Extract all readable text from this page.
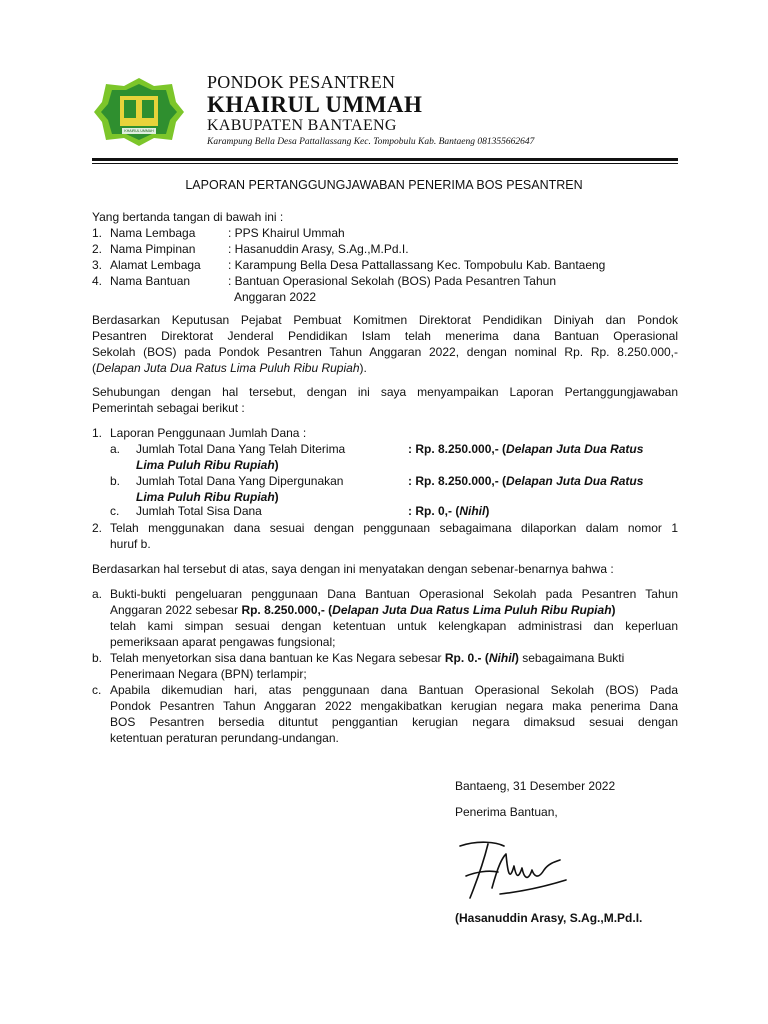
KHAIRUL UMMAH
PONDOK PESANTREN
KHAIRUL UMMAH
KABUPATEN BANTAENG
Karampung Bella Desa Pattallassang Kec. Tompobulu Kab. Bantaeng 081355662647
LAPORAN PERTANGGUNGJAWABAN PENERIMA BOS PESANTREN
Yang bertanda tangan di bawah ini :
1. Nama Lembaga	: PPS Khairul Ummah
2. Nama Pimpinan	: Hasanuddin Arasy, S.Ag.,M.Pd.I.
3. Alamat Lembaga : Karampung Bella Desa Pattallassang Kec. Tompobulu Kab. Bantaeng
4. Nama Bantuan	: Bantuan Operasional Sekolah (BOS) Pada Pesantren Tahun
Anggaran 2022
Berdasarkan Keputusan Pejabat Pembuat Komitmen Direktorat Pendidikan Diniyah dan Pondok
Pesantren Direktorat Jenderal Pendidikan Islam telah menerima dana Bantuan Operasional
Sekolah (BOS) pada Pondok Pesantren Tahun Anggaran 2022, dengan nominal Rp. Rp. 8.250.000,-
(Delapan Juta Dua Ratus Lima Puluh Ribu Rupiah).
Sehubungan dengan hal tersebut, dengan ini saya menyampaikan Laporan Pertanggungjawaban
Pemerintah sebagai berikut :
1. Laporan Penggunaan Jumlah Dana :
a. Jumlah Total Dana Yang Telah Diterima	: Rp. 8.250.000,- (Delapan Juta Dua Ratus
Lima Puluh Ribu Rupiah)
b. Jumlah Total Dana Yang Dipergunakan	: Rp. 8.250.000,- (Delapan Juta Dua Ratus
Lima Puluh Ribu Rupiah)
c. Jumlah Total Sisa Dana	: Rp. 0,- (Nihil)
2. Telah menggunakan dana sesuai dengan penggunaan sebagaimana dilaporkan dalam nomor 1
huruf b.
Berdasarkan hal tersebut di atas, saya dengan ini menyatakan dengan sebenar-benarnya bahwa :
a. Bukti-bukti pengeluaran penggunaan Dana Bantuan Operasional Sekolah pada Pesantren Tahun
Anggaran 2022 sebesar Rp. 8.250.000,- (Delapan Juta Dua Ratus Lima Puluh Ribu Rupiah)
telah kami simpan sesuai dengan ketentuan untuk kelengkapan administrasi dan keperluan
pemeriksaan aparat pengawas fungsional;
b. Telah menyetorkan sisa dana bantuan ke Kas Negara sebesar Rp. 0.- (Nihil) sebagaimana Bukti
Penerimaan Negara (BPN) terlampir;
c. Apabila dikemudian hari, atas penggunaan dana Bantuan Operasional Sekolah (BOS) Pada
Pondok Pesantren Tahun Anggaran 2022 mengakibatkan kerugian negara maka penerima Dana
BOS Pesantren bersedia dituntut penggantian kerugian negara dimaksud sesuai dengan
ketentuan peraturan perundang-undangan.
Bantaeng, 31 Desember 2022
Penerima Bantuan,
(Hasanuddin Arasy, S.Ag.,M.Pd.I.
